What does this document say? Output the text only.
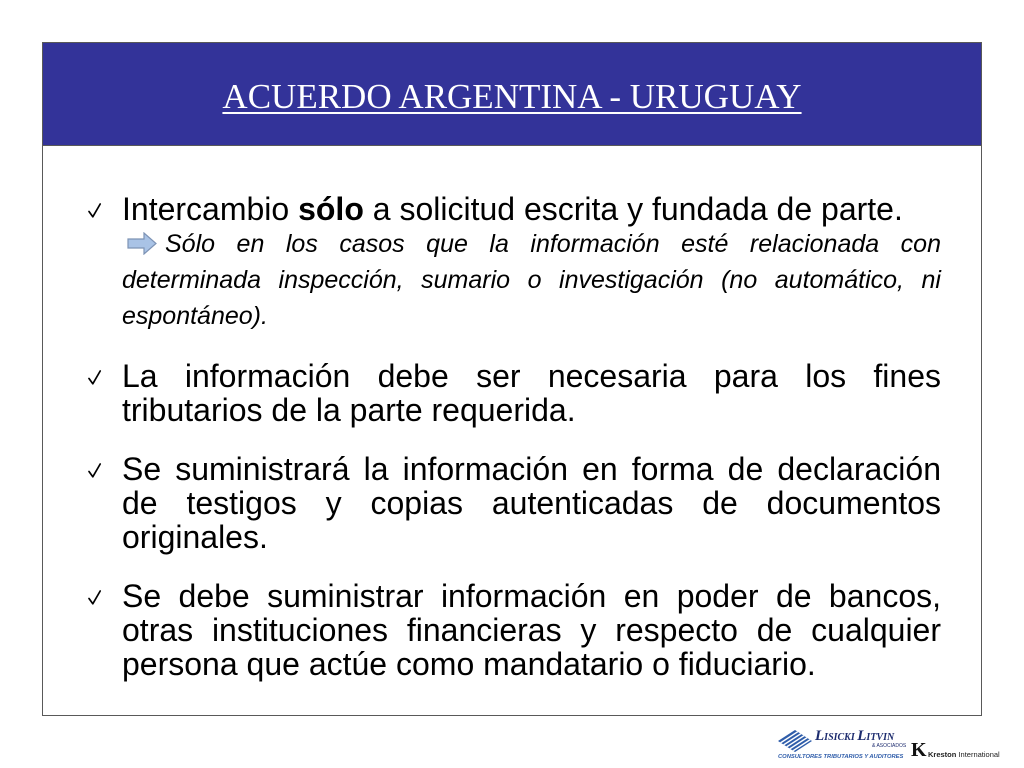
ACUERDO ARGENTINA - URUGUAY
Intercambio sólo a solicitud escrita y fundada de parte.
Sólo en los casos que la información esté relacionada con
determinada inspección, sumario o investigación (no automático, ni
espontáneo).
La información debe ser necesaria para los fines
tributarios de la parte requerida.
Se suministrará la información en forma de declaración
de testigos y copias autenticadas de documentos
originales.
Se debe suministrar información en poder de bancos,
otras instituciones financieras y respecto de cualquier
persona que actúe como mandatario o fiduciario.
LISICKI LITVIN
& ASOCIADOS
CONSULTORES TRIBUTARIOS Y AUDITORES K Kreston International
